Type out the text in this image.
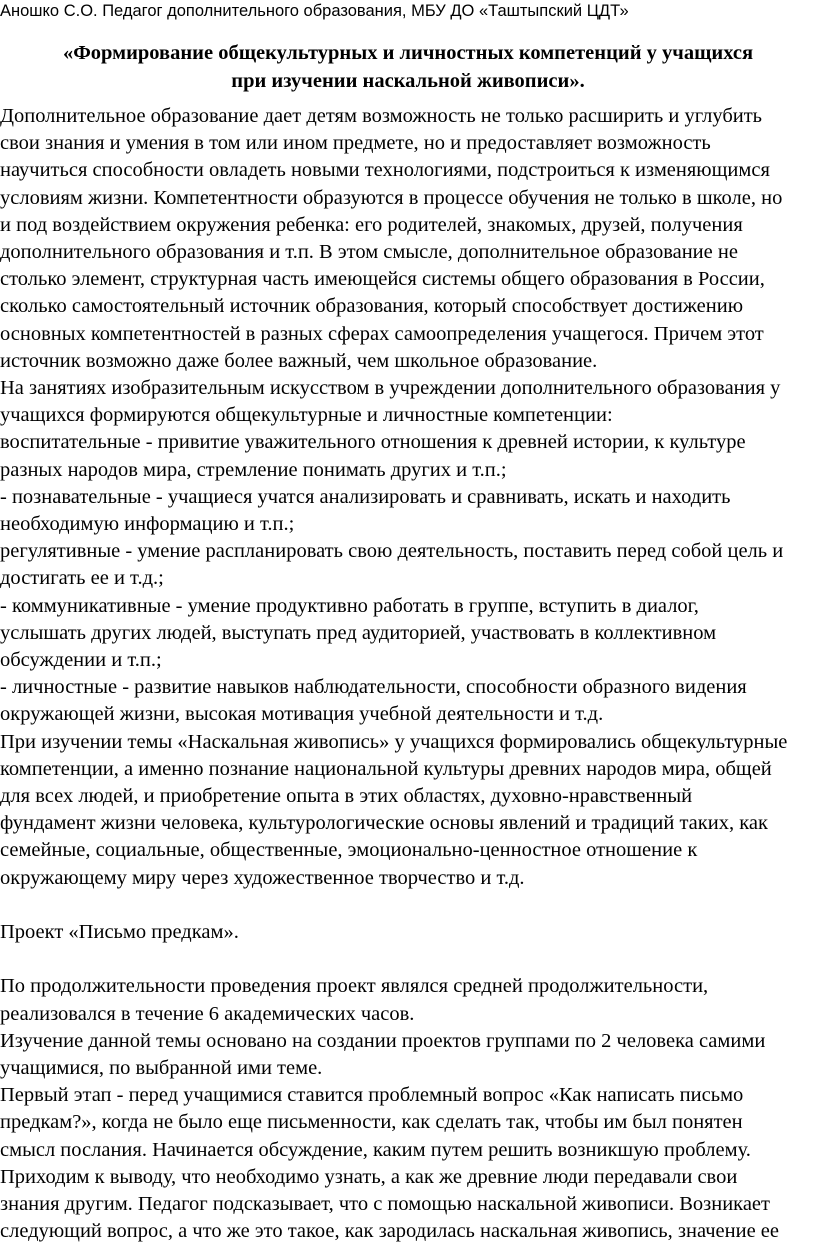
Аношко С.О. Педагог дополнительного образования, МБУ ДО «Таштыпский ЦДТ»
«Формирование общекультурных и личностных компетенций у учащихся
при изучении наскальной живописи».

Дополнительное образование дает детям возможность не только расширить и углубить

свои знания и умения в том или ином предмете, но и предоставляет возможность

научиться способности овладеть новыми технологиями, подстроиться к изменяющимся

условиям жизни. Компетентности образуются в процессе обучения не только в школе, но

и под воздействием окружения ребенка: его родителей, знакомых, друзей, получения

дополнительного образования и т.п. В этом смысле, дополнительное образование не

столько элемент, структурная часть имеющейся системы общего образования в России,

сколько самостоятельный источник образования, который способствует достижению

основных компетентностей в разных сферах самоопределения учащегося. Причем этот

источник возможно даже более важный, чем школьное образование.

На занятиях изобразительным искусством в учреждении дополнительного образования у

учащихся формируются общекультурные и личностные компетенции:

воспитательные - привитие уважительного отношения к древней истории, к культуре

разных народов мира, стремление понимать других и т.п.;

- познавательные - учащиеся учатся анализировать и сравнивать, искать и находить

необходимую информацию и т.п.;

регулятивные - умение распланировать свою деятельность, поставить перед собой цель и

достигать ее и т.д.;

- коммуникативные - умение продуктивно работать в группе, вступить в диалог,

услышать других людей, выступать пред аудиторией, участвовать в коллективном

обсуждении и т.п.;

- личностные - развитие навыков наблюдательности, способности образного видения

окружающей жизни, высокая мотивация учебной деятельности и т.д.

При изучении темы «Наскальная живопись» у учащихся формировались общекультурные

компетенции, а именно познание национальной культуры древних народов мира, общей

для всех людей, и приобретение опыта в этих областях, духовно-нравственный

фундамент жизни человека, культурологические основы явлений и традиций таких, как

семейные, социальные, общественные, эмоционально-ценностное отношение к

окружающему миру через художественное творчество и т.д.

Проект «Письмо предкам».

По продолжительности проведения проект являлся средней продолжительности,

реализовался в течение 6 академических часов.

Изучение данной темы основано на создании проектов группами по 2 человека самими

учащимися, по выбранной ими теме.

Первый этап - перед учащимися ставится проблемный вопрос «Как написать письмо

предкам?», когда не было еще письменности, как сделать так, чтобы им был понятен

смысл послания. Начинается обсуждение, каким путем решить возникшую проблему.

Приходим к выводу, что необходимо узнать, а как же древние люди передавали свои

знания другим. Педагог подсказывает, что с помощью наскальной живописи. Возникает

следующий вопрос, а что же это такое, как зародилась наскальная живопись, значение ее
